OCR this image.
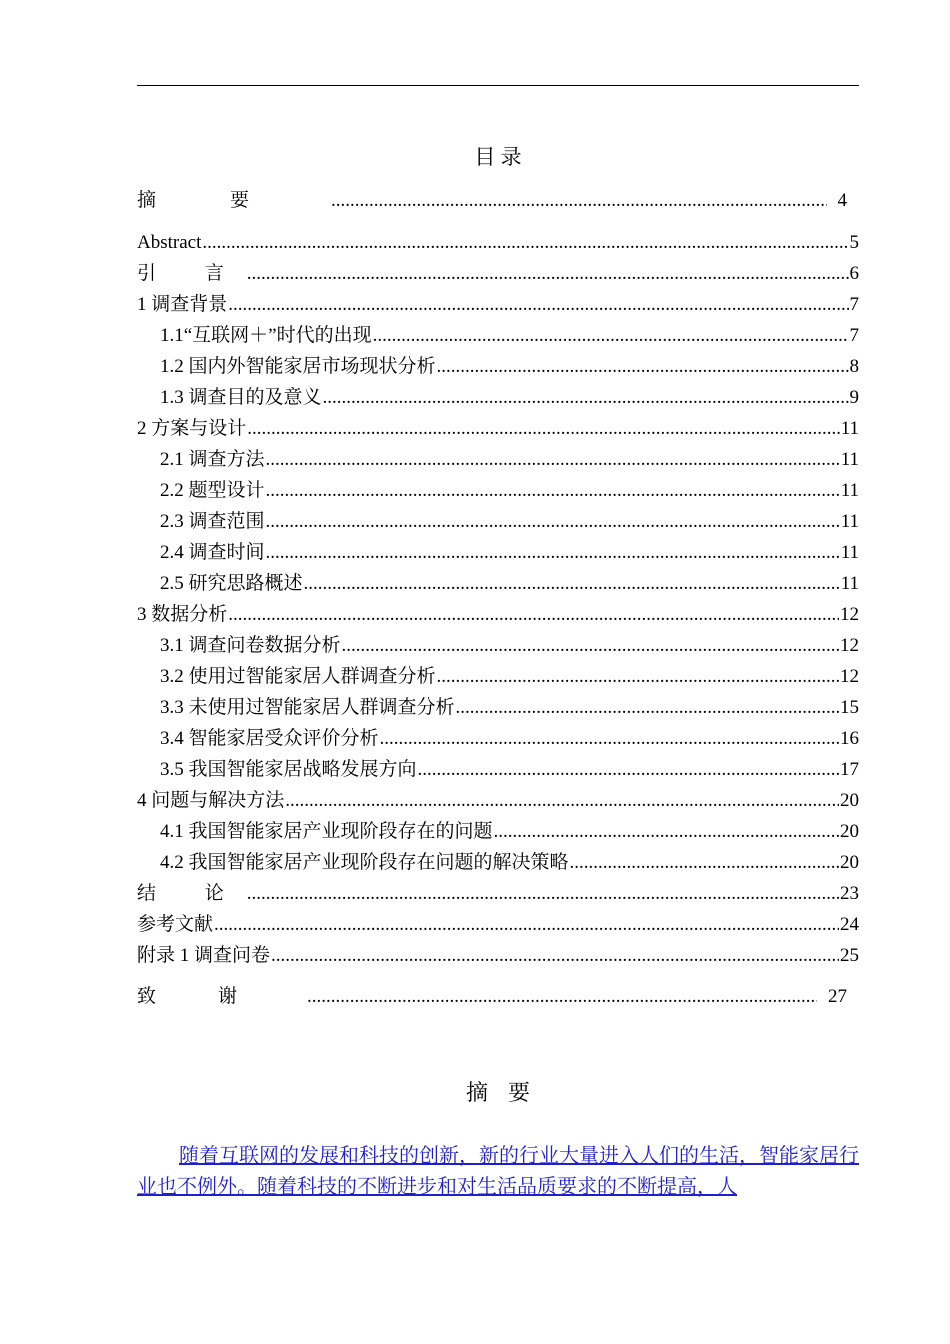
目 录
摘要 .....	4
Abstract .....	5
引 言 .....	6
1 调查背景 .....	7
1.1“互联网＋”时代的出现 .....	7
1.2 国内外智能家居市场现状分析 .....	8
1.3 调查目的及意义 .....	9
2 方案与设计 .....	11
2.1 调查方法 .....	11
2.2 题型设计 .....	11
2.3 调查范围 .....	11
2.4 调查时间 .....	11
2.5 研究思路概述 .....	11
3 数据分析 .....	12
3.1 调查问卷数据分析 .....	12
3.2 使用过智能家居人群调查分析 .....	12
3.3 未使用过智能家居人群调查分析 .....	15
3.4 智能家居受众评价分析 .....	16
3.5 我国智能家居战略发展方向 .....	17
4 问题与解决方法 .....	20
4.1 我国智能家居产业现阶段存在的问题 .....	20
4.2 我国智能家居产业现阶段存在问题的解决策略 .....	20
结 论 .....	23
参考文献 .....	24
附录 1 调查问卷 .....	25
致谢 .....	27
摘 要
随着互联网的发展和科技的创新，新的行业大量进入人们的生活，智能家居行业也不例外。随着科技的不断进步和对生活品质要求的不断提高，人
